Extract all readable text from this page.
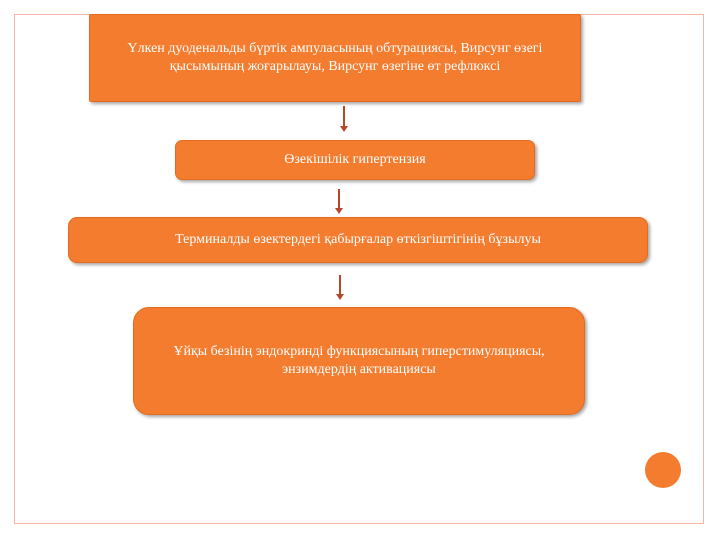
Үлкен дуоденальды бүртік ампуласының обтурациясы, Вирсунг өзегі қысымының жоғарылауы, Вирсунг өзегіне өт рефлюксі
Өзекішілік гипертензия
Терминалды өзектердегі қабырғалар өткізгіштігінің бұзылуы
Ұйқы безінің эндокринді функциясының гиперстимуляциясы, энзимдердің активациясы
